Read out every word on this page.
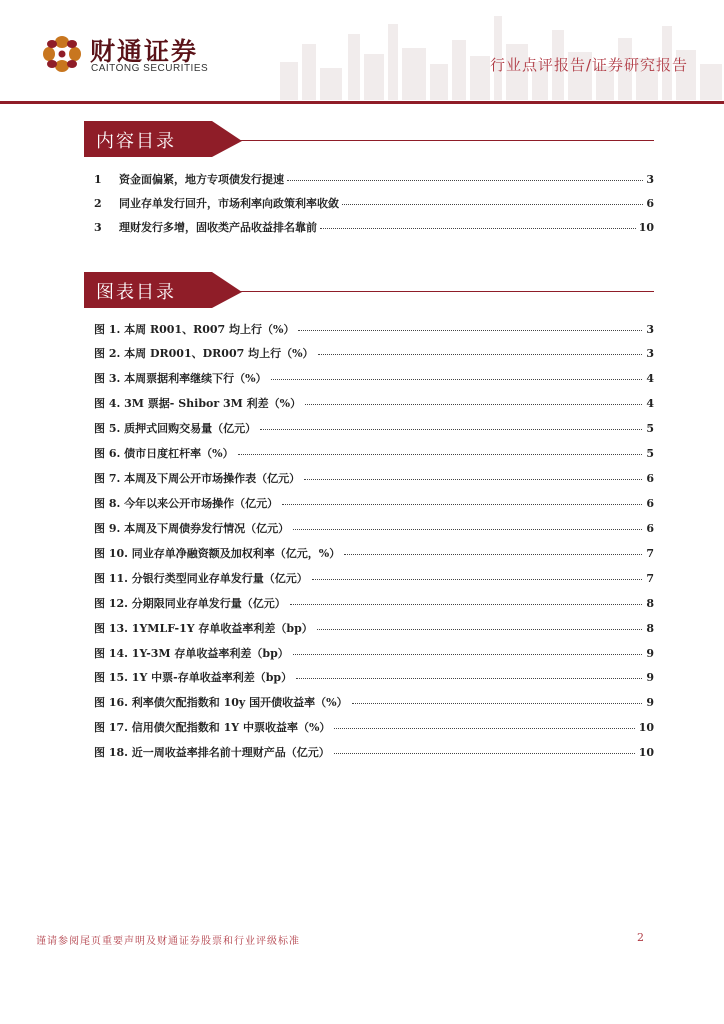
财通证券
CAITONG SECURITIES	行业点评报告/证券研究报告
内容目录
1	资金面偏紧，地方专项债发行提速	3
2	同业存单发行回升，市场利率向政策利率收敛	6
3	理财发行多增，固收类产品收益排名靠前	10
图表目录
图 1. 本周 R001、R007 均上行（%）	3
图 2. 本周 DR001、DR007 均上行（%）	3
图 3. 本周票据利率继续下行（%）	4
图 4. 3M 票据- Shibor 3M 利差（%）	4
图 5. 质押式回购交易量（亿元）	5
图 6. 债市日度杠杆率（%）	5
图 7. 本周及下周公开市场操作表（亿元）	6
图 8. 今年以来公开市场操作（亿元）	6
图 9. 本周及下周债券发行情况（亿元）	6
图 10. 同业存单净融资额及加权利率（亿元，%）	7
图 11. 分银行类型同业存单发行量（亿元）	7
图 12. 分期限同业存单发行量（亿元）	8
图 13. 1YMLF-1Y 存单收益率利差（bp）	8
图 14. 1Y-3M 存单收益率利差（bp）	9
图 15. 1Y 中票-存单收益率利差（bp）	9
图 16. 利率债欠配指数和 10y 国开债收益率（%）	9
图 17. 信用债欠配指数和 1Y 中票收益率（%）	10
图 18. 近一周收益率排名前十理财产品（亿元）	10
谨请参阅尾页重要声明及财通证券股票和行业评级标准	2
